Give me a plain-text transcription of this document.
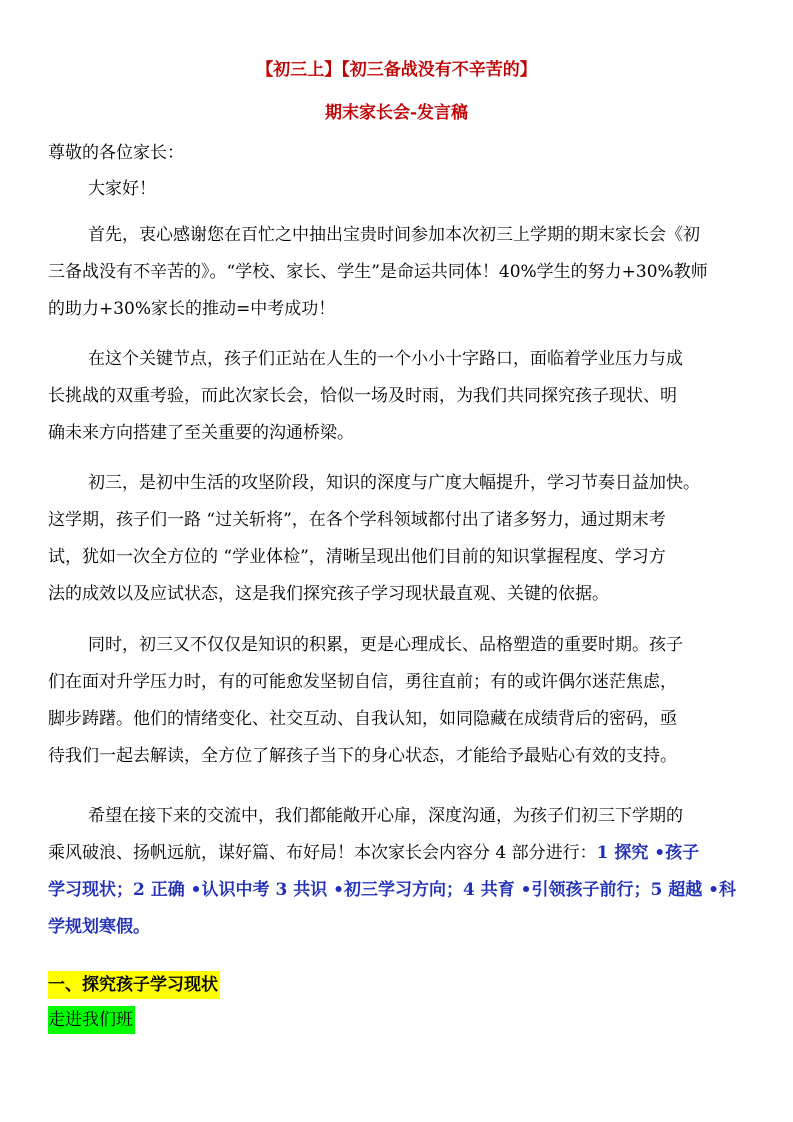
【初三上】【初三备战没有不辛苦的】
期末家长会-发言稿
尊敬的各位家长：
大家好！
首先，衷心感谢您在百忙之中抽出宝贵时间参加本次初三上学期的期末家长会《初
三备战没有不辛苦的》。“学校、家长、学生”是命运共同体！40%学生的努力+30%教师
的助力+30%家长的推动=中考成功！
在这个关键节点，孩子们正站在人生的一个小小十字路口，面临着学业压力与成
长挑战的双重考验，而此次家长会，恰似一场及时雨，为我们共同探究孩子现状、明
确未来方向搭建了至关重要的沟通桥梁。
初三，是初中生活的攻坚阶段，知识的深度与广度大幅提升，学习节奏日益加快。
这学期，孩子们一路 “过关斩将”，在各个学科领域都付出了诸多努力，通过期末考
试，犹如一次全方位的 “学业体检”，清晰呈现出他们目前的知识掌握程度、学习方
法的成效以及应试状态，这是我们探究孩子学习现状最直观、关键的依据。
同时，初三又不仅仅是知识的积累，更是心理成长、品格塑造的重要时期。孩子
们在面对升学压力时，有的可能愈发坚韧自信，勇往直前；有的或许偶尔迷茫焦虑，
脚步踌躇。他们的情绪变化、社交互动、自我认知，如同隐藏在成绩背后的密码，亟
待我们一起去解读，全方位了解孩子当下的身心状态，才能给予最贴心有效的支持。
希望在接下来的交流中，我们都能敞开心扉，深度沟通，为孩子们初三下学期的
乘风破浪、扬帆远航，谋好篇、布好局！本次家长会内容分 4 部分进行：1 探究 •孩子
学习现状；2 正确 •认识中考 3 共识 •初三学习方向；4 共育 •引领孩子前行；5 超越 •科
学规划寒假。
一、探究孩子学习现状
走进我们班
